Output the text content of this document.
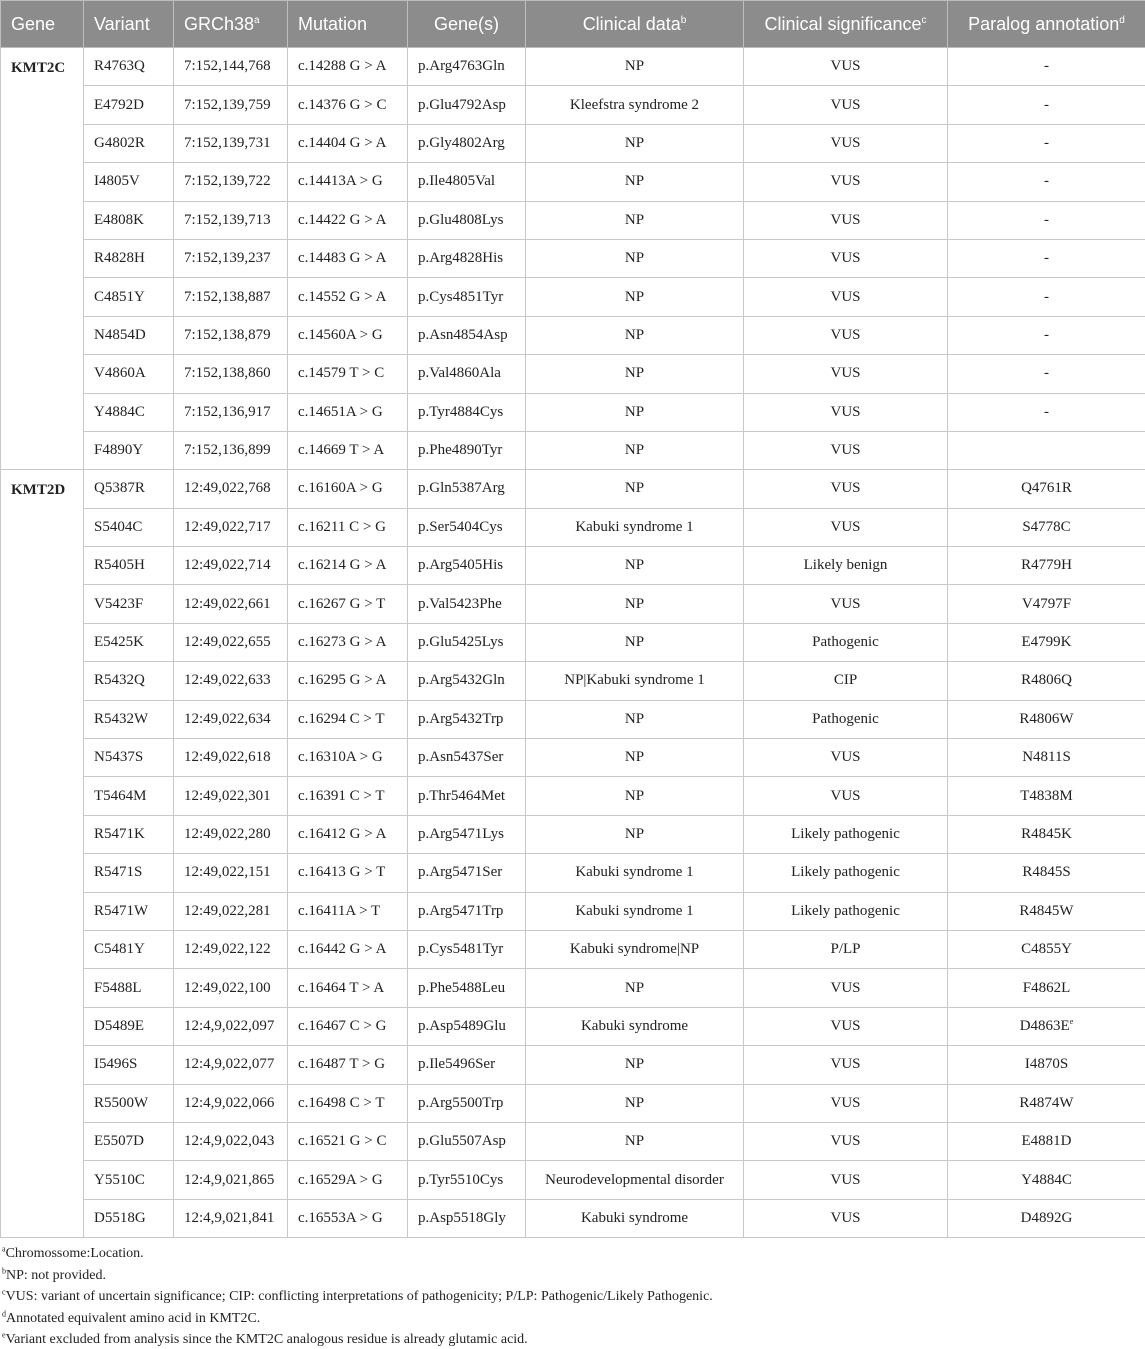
Gene	Variant	GRCh38$^a$	Mutation	Gene(s)	Clinical data$^b$	Clinical significance$^c$	Paralog annotation$^d$
KMT2C	R4763Q	7:152,144,768	c.14288 G > A	p.Arg4763Gln	NP	VUS	-
	E4792D	7:152,139,759	c.14376 G > C	p.Glu4792Asp	Kleefstra syndrome 2	VUS	-
	G4802R	7:152,139,731	c.14404 G > A	p.Gly4802Arg	NP	VUS	-
	I4805V	7:152,139,722	c.14413A > G	p.Ile4805Val	NP	VUS	-
	E4808K	7:152,139,713	c.14422 G > A	p.Glu4808Lys	NP	VUS	-
	R4828H	7:152,139,237	c.14483 G > A	p.Arg4828His	NP	VUS	-
	C4851Y	7:152,138,887	c.14552 G > A	p.Cys4851Tyr	NP	VUS	-
	N4854D	7:152,138,879	c.14560A > G	p.Asn4854Asp	NP	VUS	-
	V4860A	7:152,138,860	c.14579 T > C	p.Val4860Ala	NP	VUS	-
	Y4884C	7:152,136,917	c.14651A > G	p.Tyr4884Cys	NP	VUS	-
	F4890Y	7:152,136,899	c.14669 T > A	p.Phe4890Tyr	NP	VUS	
KMT2D	Q5387R	12:49,022,768	c.16160A > G	p.Gln5387Arg	NP	VUS	Q4761R
	S5404C	12:49,022,717	c.16211 C > G	p.Ser5404Cys	Kabuki syndrome 1	VUS	S4778C
	R5405H	12:49,022,714	c.16214 G > A	p.Arg5405His	NP	Likely benign	R4779H
	V5423F	12:49,022,661	c.16267 G > T	p.Val5423Phe	NP	VUS	V4797F
	E5425K	12:49,022,655	c.16273 G > A	p.Glu5425Lys	NP	Pathogenic	E4799K
	R5432Q	12:49,022,633	c.16295 G > A	p.Arg5432Gln	NP|Kabuki syndrome 1	CIP	R4806Q
	R5432W	12:49,022,634	c.16294 C > T	p.Arg5432Trp	NP	Pathogenic	R4806W
	N5437S	12:49,022,618	c.16310A > G	p.Asn5437Ser	NP	VUS	N4811S
	T5464M	12:49,022,301	c.16391 C > T	p.Thr5464Met	NP	VUS	T4838M
	R5471K	12:49,022,280	c.16412 G > A	p.Arg5471Lys	NP	Likely pathogenic	R4845K
	R5471S	12:49,022,151	c.16413 G > T	p.Arg5471Ser	Kabuki syndrome 1	Likely pathogenic	R4845S
	R5471W	12:49,022,281	c.16411A > T	p.Arg5471Trp	Kabuki syndrome 1	Likely pathogenic	R4845W
	C5481Y	12:49,022,122	c.16442 G > A	p.Cys5481Tyr	Kabuki syndrome|NP	P/LP	C4855Y
	F5488L	12:49,022,100	c.16464 T > A	p.Phe5488Leu	NP	VUS	F4862L
	D5489E	12:4,9,022,097	c.16467 C > G	p.Asp5489Glu	Kabuki syndrome	VUS	$D4863E^e$
	I5496S	12:4,9,022,077	c.16487 T > G	p.Ile5496Ser	NP	VUS	I4870S
	R5500W	12:4,9,022,066	c.16498 C > T	p.Arg5500Trp	NP	VUS	R4874W
	E5507D	12:4,9,022,043	c.16521 G > C	p.Glu5507Asp	NP	VUS	E4881D
	Y5510C	12:4,9,021,865	c.16529A > G	p.Tyr5510Cys	Neurodevelopmental disorder	VUS	Y4884C
	D5518G	12:4,9,021,841	c.16553A > G	p.Asp5518Gly	Kabuki syndrome	VUS	D4892G
$^a$Chromossome:Location.
$^b$NP: not provided.
$^c$VUS: variant of uncertain significance; CIP: conflicting interpretations of pathogenicity; P/LP: Pathogenic/Likely Pathogenic.
$^d$Annotated equivalent amino acid in KMT2C.
$^e$Variant excluded from analysis since the KMT2C analogous residue is already glutamic acid.
